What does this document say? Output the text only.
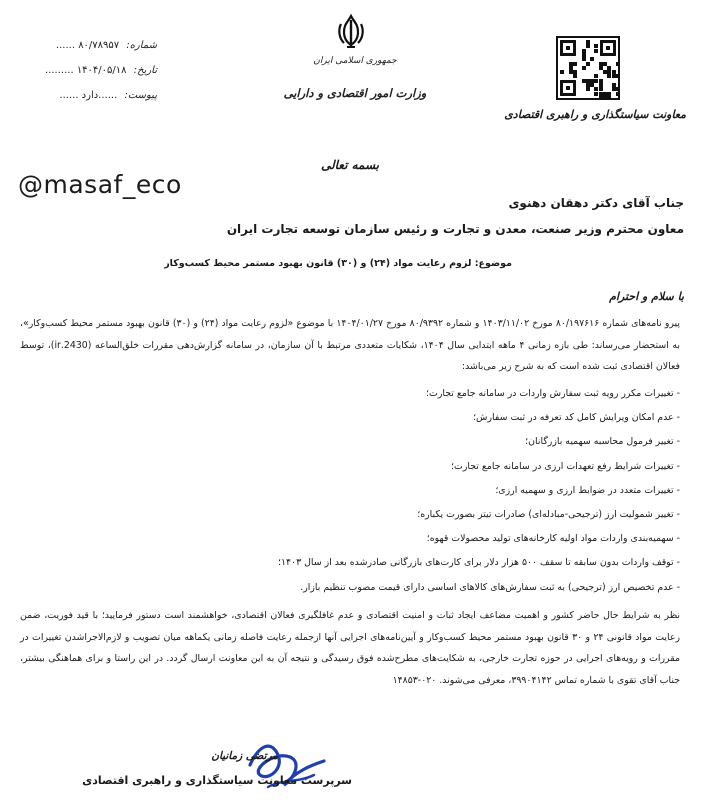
شماره: ۸۰/۷۸۹۵۷ ......
تاریخ: ۱۴۰۴/۰۵/۱۸ .........
پیوست: ......دارد ......
جمهوری اسلامی ایران
وزارت امور اقتصادی و دارایی
معاونت سیاستگذاری و راهبری اقتصادی
بسمه تعالی
@masaf_eco
جناب آقای دکتر دهقان دهنوی
معاون محترم وزیر صنعت، معدن و تجارت و رئیس سازمان توسعه تجارت ایران
موضوع: لزوم رعایت مواد (۲۴) و (۳۰) قانون بهبود مستمر محیط کسب‌وکار
با سلام و احترام
پیرو نامه‌های شماره ۸۰/۱۹۷۶۱۶ مورخ ۱۴۰۳/۱۱/۰۲ و شماره ۸۰/۹۳۹۲ مورخ ۱۴۰۴/۰۱/۲۷ با موضوع «لزوم رعایت مواد (۲۴) و (۳۰) قانون بهبود مستمر محیط کسب‌وکار»، به استحضار می‌رساند: طی بازه زمانی ۴ ماهه ابتدایی سال ۱۴۰۴، شکایات متعددی مرتبط با آن سازمان، در سامانه گزارش‌دهی مقررات خلق‌الساعه (2430.ir)، توسط فعالان اقتصادی ثبت شده است که به شرح زیر می‌باشد:
- تغییرات مکرر رویه ثبت سفارش واردات در سامانه جامع تجارت؛
- عدم امکان ویرایش کامل کد تعرفه در ثبت سفارش؛
- تغییر فرمول محاسبه سهمیه بازرگانان؛
- تغییرات شرایط رفع تعهدات ارزی در سامانه جامع تجارت؛
- تغییرات متعدد در ضوابط ارزی و سهمیه ارزی؛
- تغییر شمولیت ارز (ترجیحی-مبادله‌ای) صادرات تیتر بصورت یکباره؛
- سهمیه‌بندی واردات مواد اولیه کارخانه‌های تولید محصولات قهوه؛
- توقف واردات بدون سابقه تا سقف ۵۰۰ هزار دلار برای کارت‌های بازرگانی صادرشده بعد از سال ۱۴۰۳؛
- عدم تخصیص ارز (ترجیحی) به ثبت سفارش‌های کالاهای اساسی دارای قیمت مصوب تنظیم بازار.
نظر به شرایط حال حاضر کشور و اهمیت مضاعف ایجاد ثبات و امنیت اقتصادی و عدم غافلگیری فعالان اقتصادی، خواهشمند است دستور فرمایید؛ با قید فوریت، ضمن رعایت مواد قانونی ۲۴ و ۳۰ قانون بهبود مستمر محیط کسب‌وکار و آیین‌نامه‌های اجرایی آنها ازجمله رعایت فاصله زمانی یکماهه میان تصویب و لازم‌الاجراشدن تغییرات در مقررات و رویه‌های اجرایی در حوزه تجارت خارجی، به شکایت‌های مطرح‌شده فوق رسیدگی و نتیجه آن به این معاونت ارسال گردد. در این راستا و برای هماهنگی بیشتر، جناب آقای تقوی با شماره تماس ۳۹۹۰۴۱۴۲، معرفی می‌شوند. ۰۲۰-۱۴۸۵۳
مرتضی زمانیان
سرپرست معاونت سیاستگذاری و راهبری اقتصادی
